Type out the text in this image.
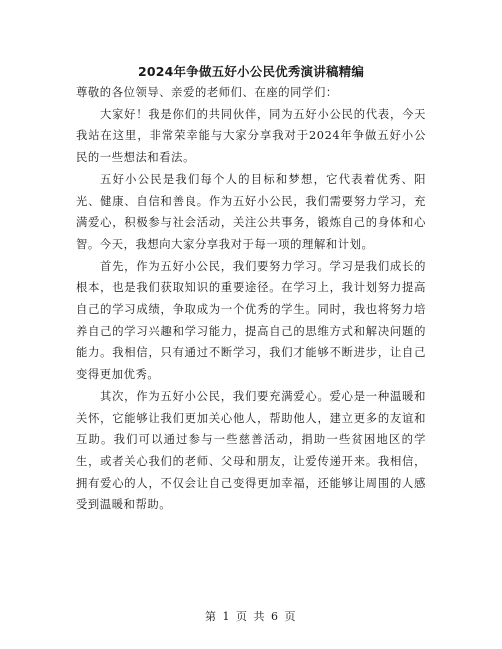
2024年争做五好小公民优秀演讲稿精编

尊敬的各位领导、亲爱的老师们、在座的同学们：

大家好！我是你们的共同伙伴，同为五好小公民的代表，今天我站在这里，非常荣幸能与大家分享我对于2024年争做五好小公民的一些想法和看法。

五好小公民是我们每个人的目标和梦想，它代表着优秀、阳光、健康、自信和善良。作为五好小公民，我们需要努力学习，充满爱心，积极参与社会活动，关注公共事务，锻炼自己的身体和心智。今天，我想向大家分享我对于每一项的理解和计划。

首先，作为五好小公民，我们要努力学习。学习是我们成长的根本，也是我们获取知识的重要途径。在学习上，我计划努力提高自己的学习成绩，争取成为一个优秀的学生。同时，我也将努力培养自己的学习兴趣和学习能力，提高自己的思维方式和解决问题的能力。我相信，只有通过不断学习，我们才能够不断进步，让自己变得更加优秀。

其次，作为五好小公民，我们要充满爱心。爱心是一种温暖和关怀，它能够让我们更加关心他人，帮助他人，建立更多的友谊和互助。我们可以通过参与一些慈善活动，捐助一些贫困地区的学生，或者关心我们的老师、父母和朋友，让爱传递开来。我相信，拥有爱心的人，不仅会让自己变得更加幸福，还能够让周围的人感受到温暖和帮助。

第 1 页 共 6 页
